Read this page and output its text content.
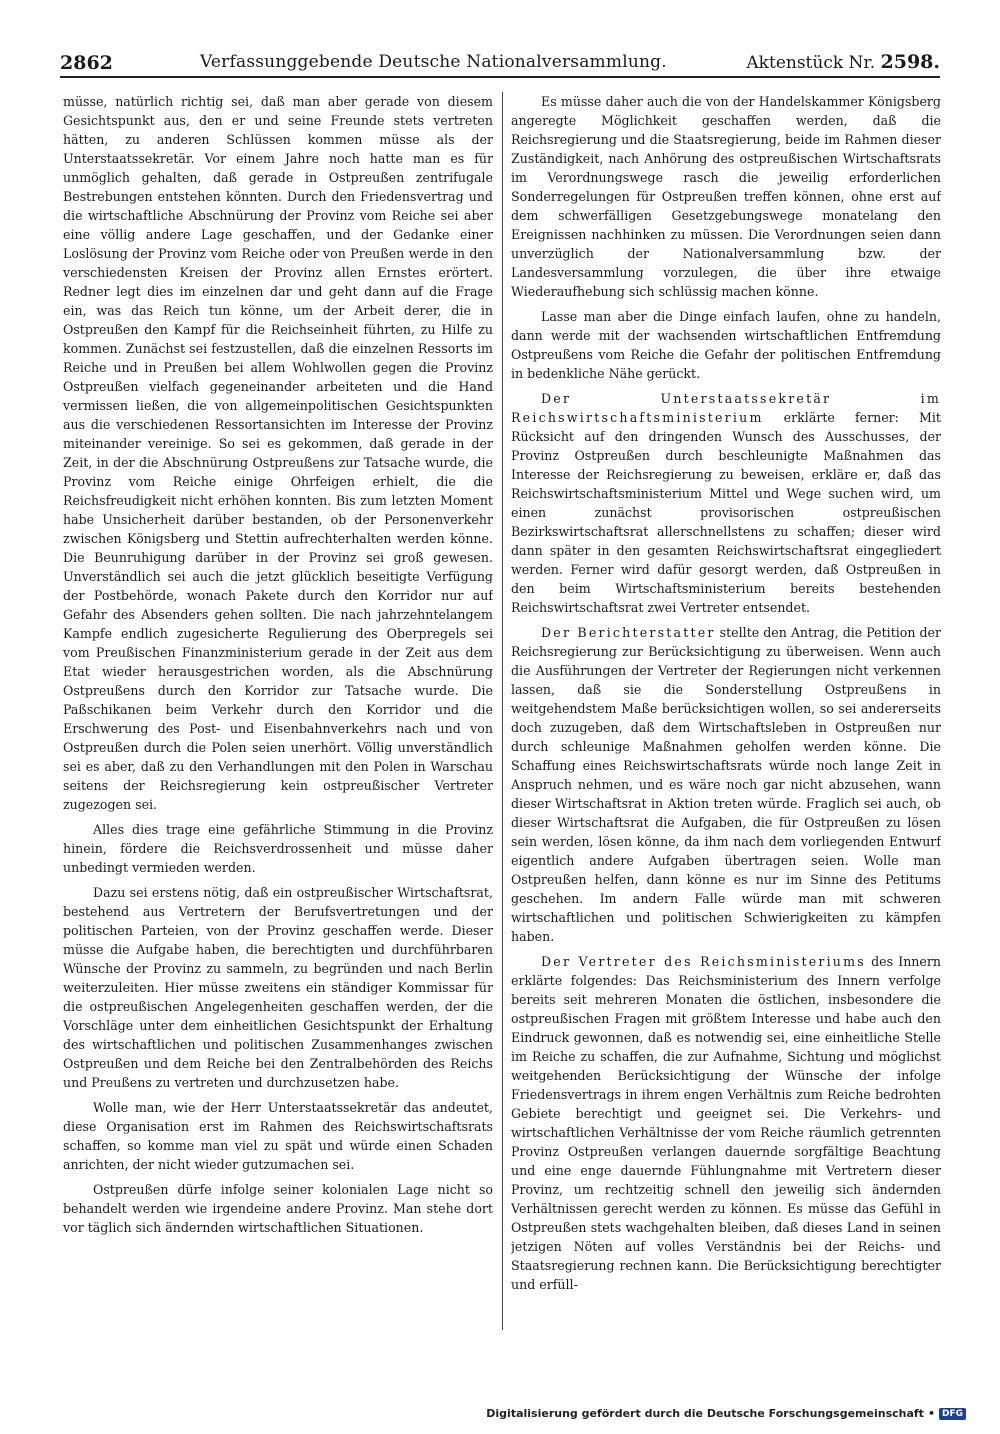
2862	Verfassunggebende Deutsche Nationalversammlung.	Aktenstück Nr. 2598.

müsse, natürlich richtig sei, daß man aber gerade von diesem Gesichtspunkt aus, den er und seine Freunde stets vertreten hätten, zu anderen Schlüssen kommen müsse als der Unterstaatssekretär. Vor einem Jahre noch hatte man es für unmöglich gehalten, daß gerade in Ostpreußen zentrifugale Bestrebungen entstehen könnten. Durch den Friedensvertrag und die wirtschaftliche Abschnürung der Provinz vom Reiche sei aber eine völlig andere Lage geschaffen, und der Gedanke einer Loslösung der Provinz vom Reiche oder von Preußen werde in den verschiedensten Kreisen der Provinz allen Ernstes erörtert. Redner legt dies im einzelnen dar und geht dann auf die Frage ein, was das Reich tun könne, um der Arbeit derer, die in Ostpreußen den Kampf für die Reichseinheit führten, zu Hilfe zu kommen. Zunächst sei festzustellen, daß die einzelnen Ressorts im Reiche und in Preußen bei allem Wohlwollen gegen die Provinz Ostpreußen vielfach gegeneinander arbeiteten und die Hand vermissen ließen, die von allgemeinpolitischen Gesichtspunkten aus die verschiedenen Ressortansichten im Interesse der Provinz miteinander vereinige. So sei es gekommen, daß gerade in der Zeit, in der die Abschnürung Ostpreußens zur Tatsache wurde, die Provinz vom Reiche einige Ohrfeigen erhielt, die die Reichsfreudigkeit nicht erhöhen konnten. Bis zum letzten Moment habe Unsicherheit darüber bestanden, ob der Personenverkehr zwischen Königsberg und Stettin aufrechterhalten werden könne. Die Beunruhigung darüber in der Provinz sei groß gewesen. Unverständlich sei auch die jetzt glücklich beseitigte Verfügung der Postbehörde, wonach Pakete durch den Korridor nur auf Gefahr des Absenders gehen sollten. Die nach jahrzehntelangem Kampfe endlich zugesicherte Regulierung des Oberpregels sei vom Preußischen Finanzministerium gerade in der Zeit aus dem Etat wieder herausgestrichen worden, als die Abschnürung Ostpreußens durch den Korridor zur Tatsache wurde. Die Paßschikanen beim Verkehr durch den Korridor und die Erschwerung des Post- und Eisenbahnverkehrs nach und von Ostpreußen durch die Polen seien unerhört. Völlig unverständlich sei es aber, daß zu den Verhandlungen mit den Polen in Warschau seitens der Reichsregierung kein ostpreußischer Vertreter zugezogen sei.

Alles dies trage eine gefährliche Stimmung in die Provinz hinein, fördere die Reichsverdrossenheit und müsse daher unbedingt vermieden werden.

Dazu sei erstens nötig, daß ein ostpreußischer Wirtschaftsrat, bestehend aus Vertretern der Berufsvertretungen und der politischen Parteien, von der Provinz geschaffen werde. Dieser müsse die Aufgabe haben, die berechtigten und durchführbaren Wünsche der Provinz zu sammeln, zu begründen und nach Berlin weiterzuleiten. Hier müsse zweitens ein ständiger Kommissar für die ostpreußischen Angelegenheiten geschaffen werden, der die Vorschläge unter dem einheitlichen Gesichtspunkt der Erhaltung des wirtschaftlichen und politischen Zusammenhanges zwischen Ostpreußen und dem Reiche bei den Zentralbehörden des Reichs und Preußens zu vertreten und durchzusetzen habe.

Wolle man, wie der Herr Unterstaatssekretär das andeutet, diese Organisation erst im Rahmen des Reichswirtschaftsrats schaffen, so komme man viel zu spät und würde einen Schaden anrichten, der nicht wieder gutzumachen sei.

Ostpreußen dürfe infolge seiner kolonialen Lage nicht so behandelt werden wie irgendeine andere Provinz. Man stehe dort vor täglich sich ändernden wirtschaftlichen Situationen.

Es müsse daher auch die von der Handelskammer Königsberg angeregte Möglichkeit geschaffen werden, daß die Reichsregierung und die Staatsregierung, beide im Rahmen dieser Zuständigkeit, nach Anhörung des ostpreußischen Wirtschaftsrats im Verordnungswege rasch die jeweilig erforderlichen Sonderregelungen für Ostpreußen treffen können, ohne erst auf dem schwerfälligen Gesetzgebungswege monatelang den Ereignissen nachhinken zu müssen. Die Verordnungen seien dann unverzüglich der Nationalversammlung bzw. der Landesversammlung vorzulegen, die über ihre etwaige Wiederaufhebung sich schlüssig machen könne.

Lasse man aber die Dinge einfach laufen, ohne zu handeln, dann werde mit der wachsenden wirtschaftlichen Entfremdung Ostpreußens vom Reiche die Gefahr der politischen Entfremdung in bedenkliche Nähe gerückt.

Der Unterstaatssekretär im Reichswirtschaftsministerium erklärte ferner: Mit Rücksicht auf den dringenden Wunsch des Ausschusses, der Provinz Ostpreußen durch beschleunigte Maßnahmen das Interesse der Reichsregierung zu beweisen, erkläre er, daß das Reichswirtschaftsministerium Mittel und Wege suchen wird, um einen zunächst provisorischen ostpreußischen Bezirkswirtschaftsrat allerschnellstens zu schaffen; dieser wird dann später in den gesamten Reichswirtschaftsrat eingegliedert werden. Ferner wird dafür gesorgt werden, daß Ostpreußen in den beim Wirtschaftsministerium bereits bestehenden Reichswirtschaftsrat zwei Vertreter entsendet.

Der Berichterstatter stellte den Antrag, die Petition der Reichsregierung zur Berücksichtigung zu überweisen. Wenn auch die Ausführungen der Vertreter der Regierungen nicht verkennen lassen, daß sie die Sonderstellung Ostpreußens in weitgehendstem Maße berücksichtigen wollen, so sei andererseits doch zuzugeben, daß dem Wirtschaftsleben in Ostpreußen nur durch schleunige Maßnahmen geholfen werden könne. Die Schaffung eines Reichswirtschaftsrats würde noch lange Zeit in Anspruch nehmen, und es wäre noch gar nicht abzusehen, wann dieser Wirtschaftsrat in Aktion treten würde. Fraglich sei auch, ob dieser Wirtschaftsrat die Aufgaben, die für Ostpreußen zu lösen sein werden, lösen könne, da ihm nach dem vorliegenden Entwurf eigentlich andere Aufgaben übertragen seien. Wolle man Ostpreußen helfen, dann könne es nur im Sinne des Petitums geschehen. Im andern Falle würde man mit schweren wirtschaftlichen und politischen Schwierigkeiten zu kämpfen haben.

Der Vertreter des Reichsministeriums des Innern erklärte folgendes: Das Reichsministerium des Innern verfolge bereits seit mehreren Monaten die östlichen, insbesondere die ostpreußischen Fragen mit größtem Interesse und habe auch den Eindruck gewonnen, daß es notwendig sei, eine einheitliche Stelle im Reiche zu schaffen, die zur Aufnahme, Sichtung und möglichst weitgehenden Berücksichtigung der Wünsche der infolge Friedensvertrags in ihrem engen Verhältnis zum Reiche bedrohten Gebiete berechtigt und geeignet sei. Die Verkehrs- und wirtschaftlichen Verhältnisse der vom Reiche räumlich getrennten Provinz Ostpreußen verlangen dauernde sorgfältige Beachtung und eine enge dauernde Fühlungnahme mit Vertretern dieser Provinz, um rechtzeitig schnell den jeweilig sich ändernden Verhältnissen gerecht werden zu können. Es müsse das Gefühl in Ostpreußen stets wachgehalten bleiben, daß dieses Land in seinen jetzigen Nöten auf volles Verständnis bei der Reichs- und Staatsregierung rechnen kann. Die Berücksichtigung berechtigter und erfüll-

Digitalisierung gefördert durch die Deutsche Forschungsgemeinschaft • DFG
